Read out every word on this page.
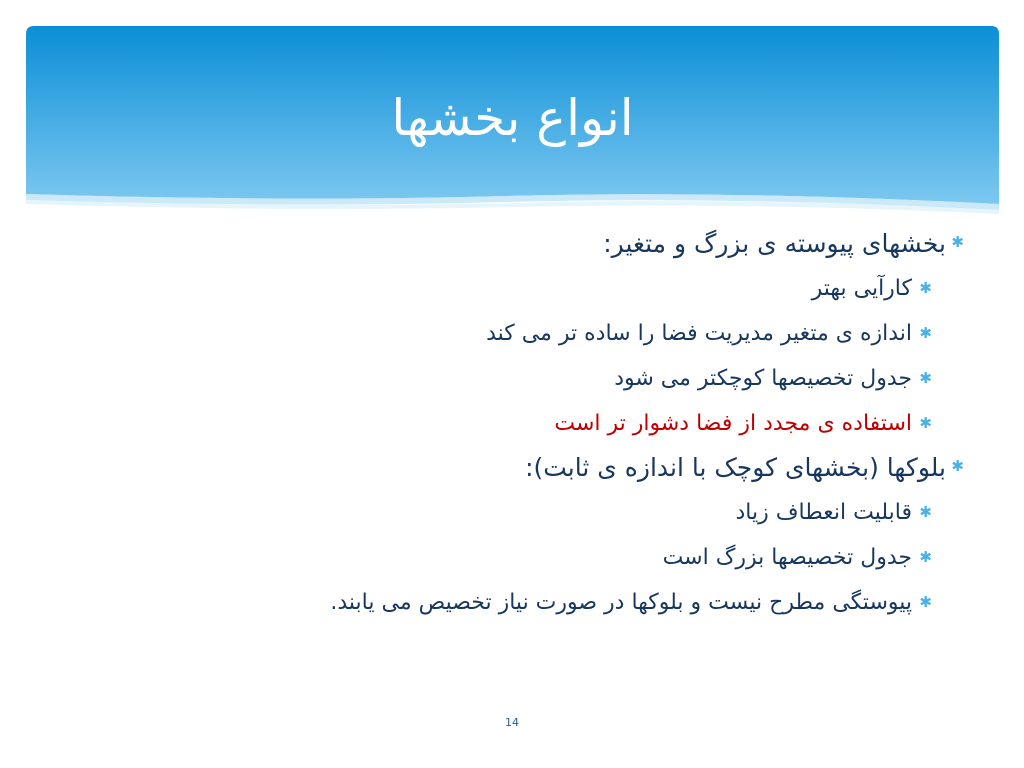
انواع بخشها
✱
بخشهای پیوسته ی بزرگ و متغیر:
✱
کارآیی بهتر
✱
اندازه ی متغیر مدیریت فضا را ساده تر می کند
✱
جدول تخصیصها کوچکتر می شود
✱
استفاده ی مجدد از فضا دشوار تر است
✱
بلوکها (بخشهای کوچک با اندازه ی ثابت):
✱
قابلیت انعطاف زیاد
✱
جدول تخصیصها بزرگ است
✱
پیوستگی مطرح نیست و بلوکها در صورت نیاز تخصیص می یابند.
14
